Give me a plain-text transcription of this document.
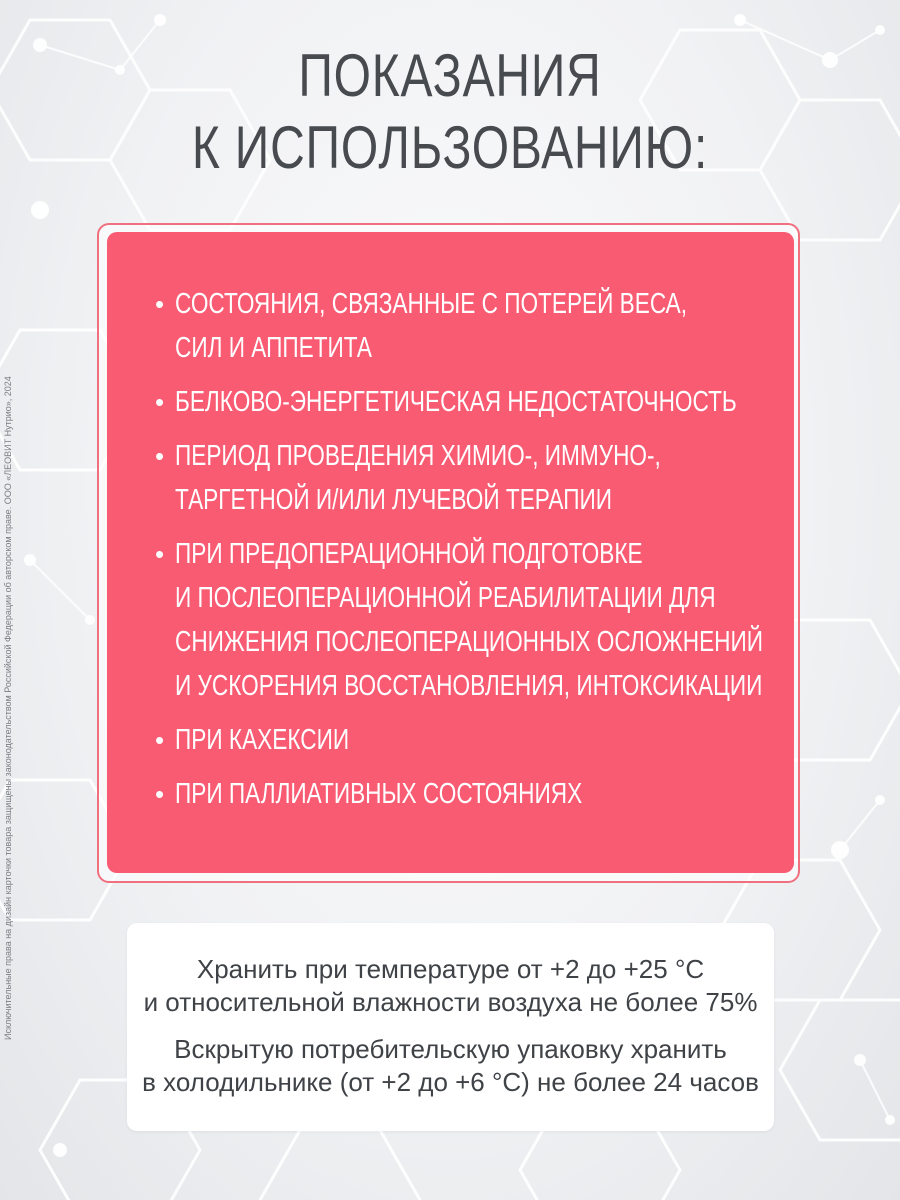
Исключительные права на дизайн карточки товара защищены законодательством Российской Федерации об авторском праве. ООО «ЛЕОВИТ Нутрио», 2024
ПОКАЗАНИЯ
К ИСПОЛЬЗОВАНИЮ:
• СОСТОЯНИЯ, СВЯЗАННЫЕ С ПОТЕРЕЙ ВЕСА,
СИЛ И АППЕТИТА
• БЕЛКОВО-ЭНЕРГЕТИЧЕСКАЯ НЕДОСТАТОЧНОСТЬ
• ПЕРИОД ПРОВЕДЕНИЯ ХИМИО-, ИММУНО-,
ТАРГЕТНОЙ И/ИЛИ ЛУЧЕВОЙ ТЕРАПИИ
• ПРИ ПРЕДОПЕРАЦИОННОЙ ПОДГОТОВКЕ
И ПОСЛЕОПЕРАЦИОННОЙ РЕАБИЛИТАЦИИ ДЛЯ
СНИЖЕНИЯ ПОСЛЕОПЕРАЦИОННЫХ ОСЛОЖНЕНИЙ
И УСКОРЕНИЯ ВОССТАНОВЛЕНИЯ, ИНТОКСИКАЦИИ
• ПРИ КАХЕКСИИ
• ПРИ ПАЛЛИАТИВНЫХ СОСТОЯНИЯХ
Хранить при температуре от +2 до +25 °С
и относительной влажности воздуха не более 75%
Вскрытую потребительскую упаковку хранить
в холодильнике (от +2 до +6 °С) не более 24 часов
